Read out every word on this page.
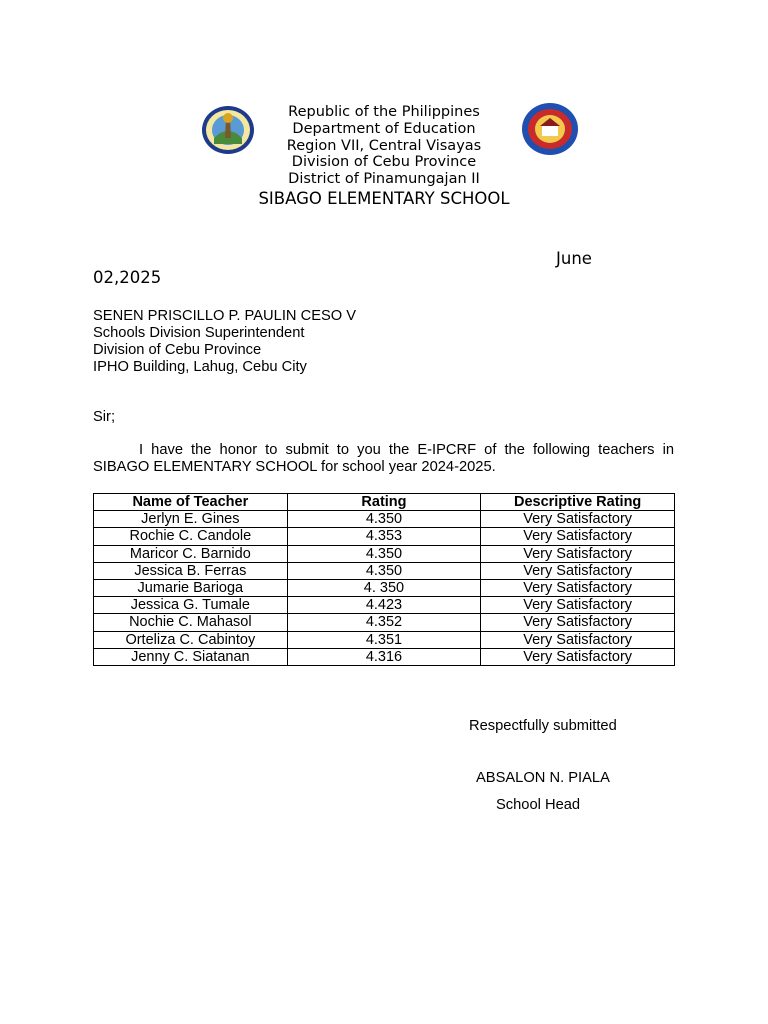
Republic of the Philippines
Department of Education
Region VII, Central Visayas
Division of Cebu Province
District of Pinamungajan II
SIBAGO ELEMENTARY SCHOOL
June
02,2025
SENEN PRISCILLO P. PAULIN CESO V
Schools Division Superintendent
Division of Cebu Province
IPHO Building, Lahug, Cebu City
Sir;
I have the honor to submit to you the E-IPCRF of the following teachers in SIBAGO ELEMENTARY SCHOOL for school year 2024-2025.
Name of Teacher	Rating	Descriptive Rating
Jerlyn E. Gines	4.350	Very Satisfactory
Rochie C. Candole	4.353	Very Satisfactory
Maricor C. Barnido	4.350	Very Satisfactory
Jessica B. Ferras	4.350	Very Satisfactory
Jumarie Barioga	4. 350	Very Satisfactory
Jessica G. Tumale	4.423	Very Satisfactory
Nochie C. Mahasol	4.352	Very Satisfactory
Orteliza C. Cabintoy	4.351	Very Satisfactory
Jenny C. Siatanan	4.316	Very Satisfactory
Respectfully submitted
ABSALON N. PIALA
School Head
